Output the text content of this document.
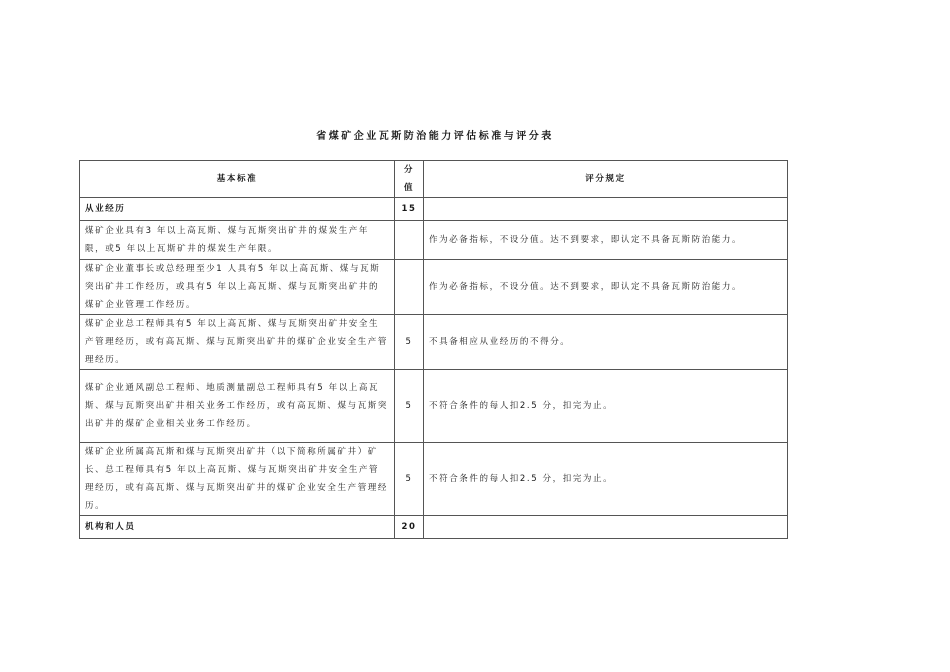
省煤矿企业瓦斯防治能力评估标准与评分表
基本标准	分值	评分规定
从业经历	15	
煤矿企业具有3 年以上高瓦斯、煤与瓦斯突出矿井的煤炭生产年限，或5 年以上瓦斯矿井的煤炭生产年限。		作为必备指标，不设分值。达不到要求，即认定不具备瓦斯防治能力。
煤矿企业董事长或总经理至少1 人具有5 年以上高瓦斯、煤与瓦斯突出矿井工作经历，或具有5 年以上高瓦斯、煤与瓦斯突出矿井的煤矿企业管理工作经历。		作为必备指标，不设分值。达不到要求，即认定不具备瓦斯防治能力。
煤矿企业总工程师具有5 年以上高瓦斯、煤与瓦斯突出矿井安全生产管理经历，或有高瓦斯、煤与瓦斯突出矿井的煤矿企业安全生产管理经历。	5	不具备相应从业经历的不得分。
煤矿企业通风副总工程师、地质测量副总工程师具有5 年以上高瓦斯、煤与瓦斯突出矿井相关业务工作经历，或有高瓦斯、煤与瓦斯突出矿井的煤矿企业相关业务工作经历。	5	不符合条件的每人扣2.5 分，扣完为止。
煤矿企业所属高瓦斯和煤与瓦斯突出矿井（以下简称所属矿井）矿长、总工程师具有5 年以上高瓦斯、煤与瓦斯突出矿井安全生产管理经历，或有高瓦斯、煤与瓦斯突出矿井的煤矿企业安全生产管理经历。	5	不符合条件的每人扣2.5 分，扣完为止。
机构和人员	20	
